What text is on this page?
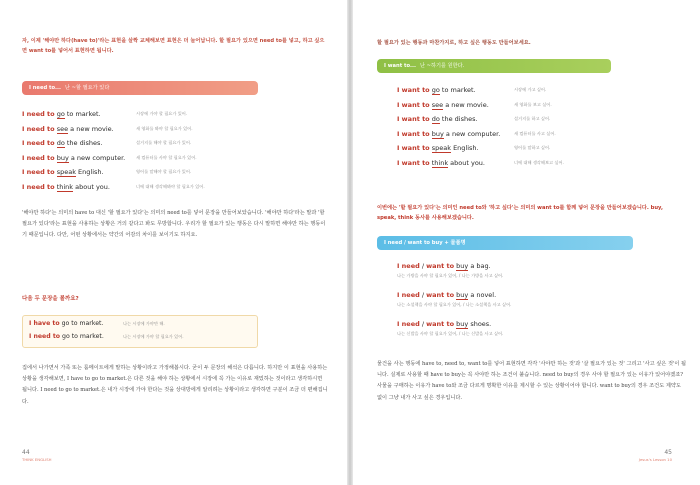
자, 이제 '해야만 하다(have to)'라는 표현을 살짝 교체해보면 표현은 더 늘어납니다. 할 필요가 있으면 need to를 넣고, 하고 싶으면 want to를 넣어서 표현하면 됩니다.

I need to... 난 ~할 필요가 있다
I need to go to market.	시장에 가야 할 필요가 있어.
I need to see a new movie.	새 영화를 봐야 할 필요가 있어.
I need to do the dishes.	설거지를 해야 할 필요가 있어.
I need to buy a new computer.	새 컴퓨터를 사야 할 필요가 있어.
I need to speak English.	영어를 말해야 할 필요가 있어.
I need to think about you.	너에 대해 생각해봐야 할 필요가 있어.

'해야만 하다'는 의미의 have to 대신 '할 필요가 있다'는 의미의 need to를 넣어 문장을 만들어보았습니다. '해야만 하다'라는 말과 '할 필요가 있다'라는 표현을 사용하는 상황은 거의 같다고 봐도 무방합니다. 우리가 할 필요가 있는 행동은 다시 말하면 해야만 하는 행동이기 때문입니다. 다만, 어떤 상황에서는 약간의 어감의 차이를 보이기도 하지요.

다음 두 문장을 볼까요?
I have to go to market.	나는 시장에 가야만 해.
I need to go to market.	나는 시장에 가야 할 필요가 있어.

집에서 나가면서 가족 또는 룸메이트에게 말하는 상황이라고 가정해봅시다. 굳이 두 문장의 해석은 다릅니다. 하지만 이 표현을 사용하는 상황을 생각해보면, I have to go to market.은 다른 것을 해야 하는 상황에서 시장에 꼭 가는 이유로 재밌하는 것이라고 생각하시면 됩니다. I need to go to market.은 내가 시장에 가야 한다는 것을 상대방에게 알리려는 상황이라고 생각하면 구분이 조금 더 편해집니다.

44
THINK ENGLISH

할 필요가 있는 행동과 마찬가지로, 하고 싶은 행동도 만들어보세요.

I want to... 난 ~하기를 원한다.
I want to go to market.	시장에 가고 싶어.
I want to see a new movie.	새 영화를 보고 싶어.
I want to do the dishes.	설거지를 하고 싶어.
I want to buy a new computer.	새 컴퓨터를 사고 싶어.
I want to speak English.	영어를 말하고 싶어.
I want to think about you.	너에 대해 생각해보고 싶어.

이번에는 '할 필요가 있다'는 의미인 need to와 '하고 싶다'는 의미의 want to를 함께 넣어 문장을 만들어보겠습니다. buy, speak, think 동사를 사용해보겠습니다.

I need / want to buy + 물품명
I need / want to buy a bag.
나는 가방을 사야 할 필요가 있어, / 나는 가방을 사고 싶어.
I need / want to buy a novel.
나는 소설책을 사야 할 필요가 있어, / 나는 소설책을 사고 싶어.
I need / want to buy shoes.
나는 신발을 사야 할 필요가 있어, / 나는 신발을 사고 싶어.

물건을 사는 행동에 have to, need to, want to를 넣어 표현하면 각각 '사야만 하는 것'과 '살 필요가 있는 것' 그리고 '사고 싶은 것'이 됩니다. 실제로 사용할 때 have to buy는 꼭 사야만 하는 조건이 붙습니다. need to buy의 경우 사야 할 필요가 있는 이유가 있어야겠죠? 사물을 구매하는 이유가 have to와 조금 다르게 명확한 이유를 제시할 수 있는 상황이어야 합니다. want to buy의 경우 조건도 제약도 없이 그냥 내가 사고 싶은 경우입니다.

45
Jesus's Lesson 10
